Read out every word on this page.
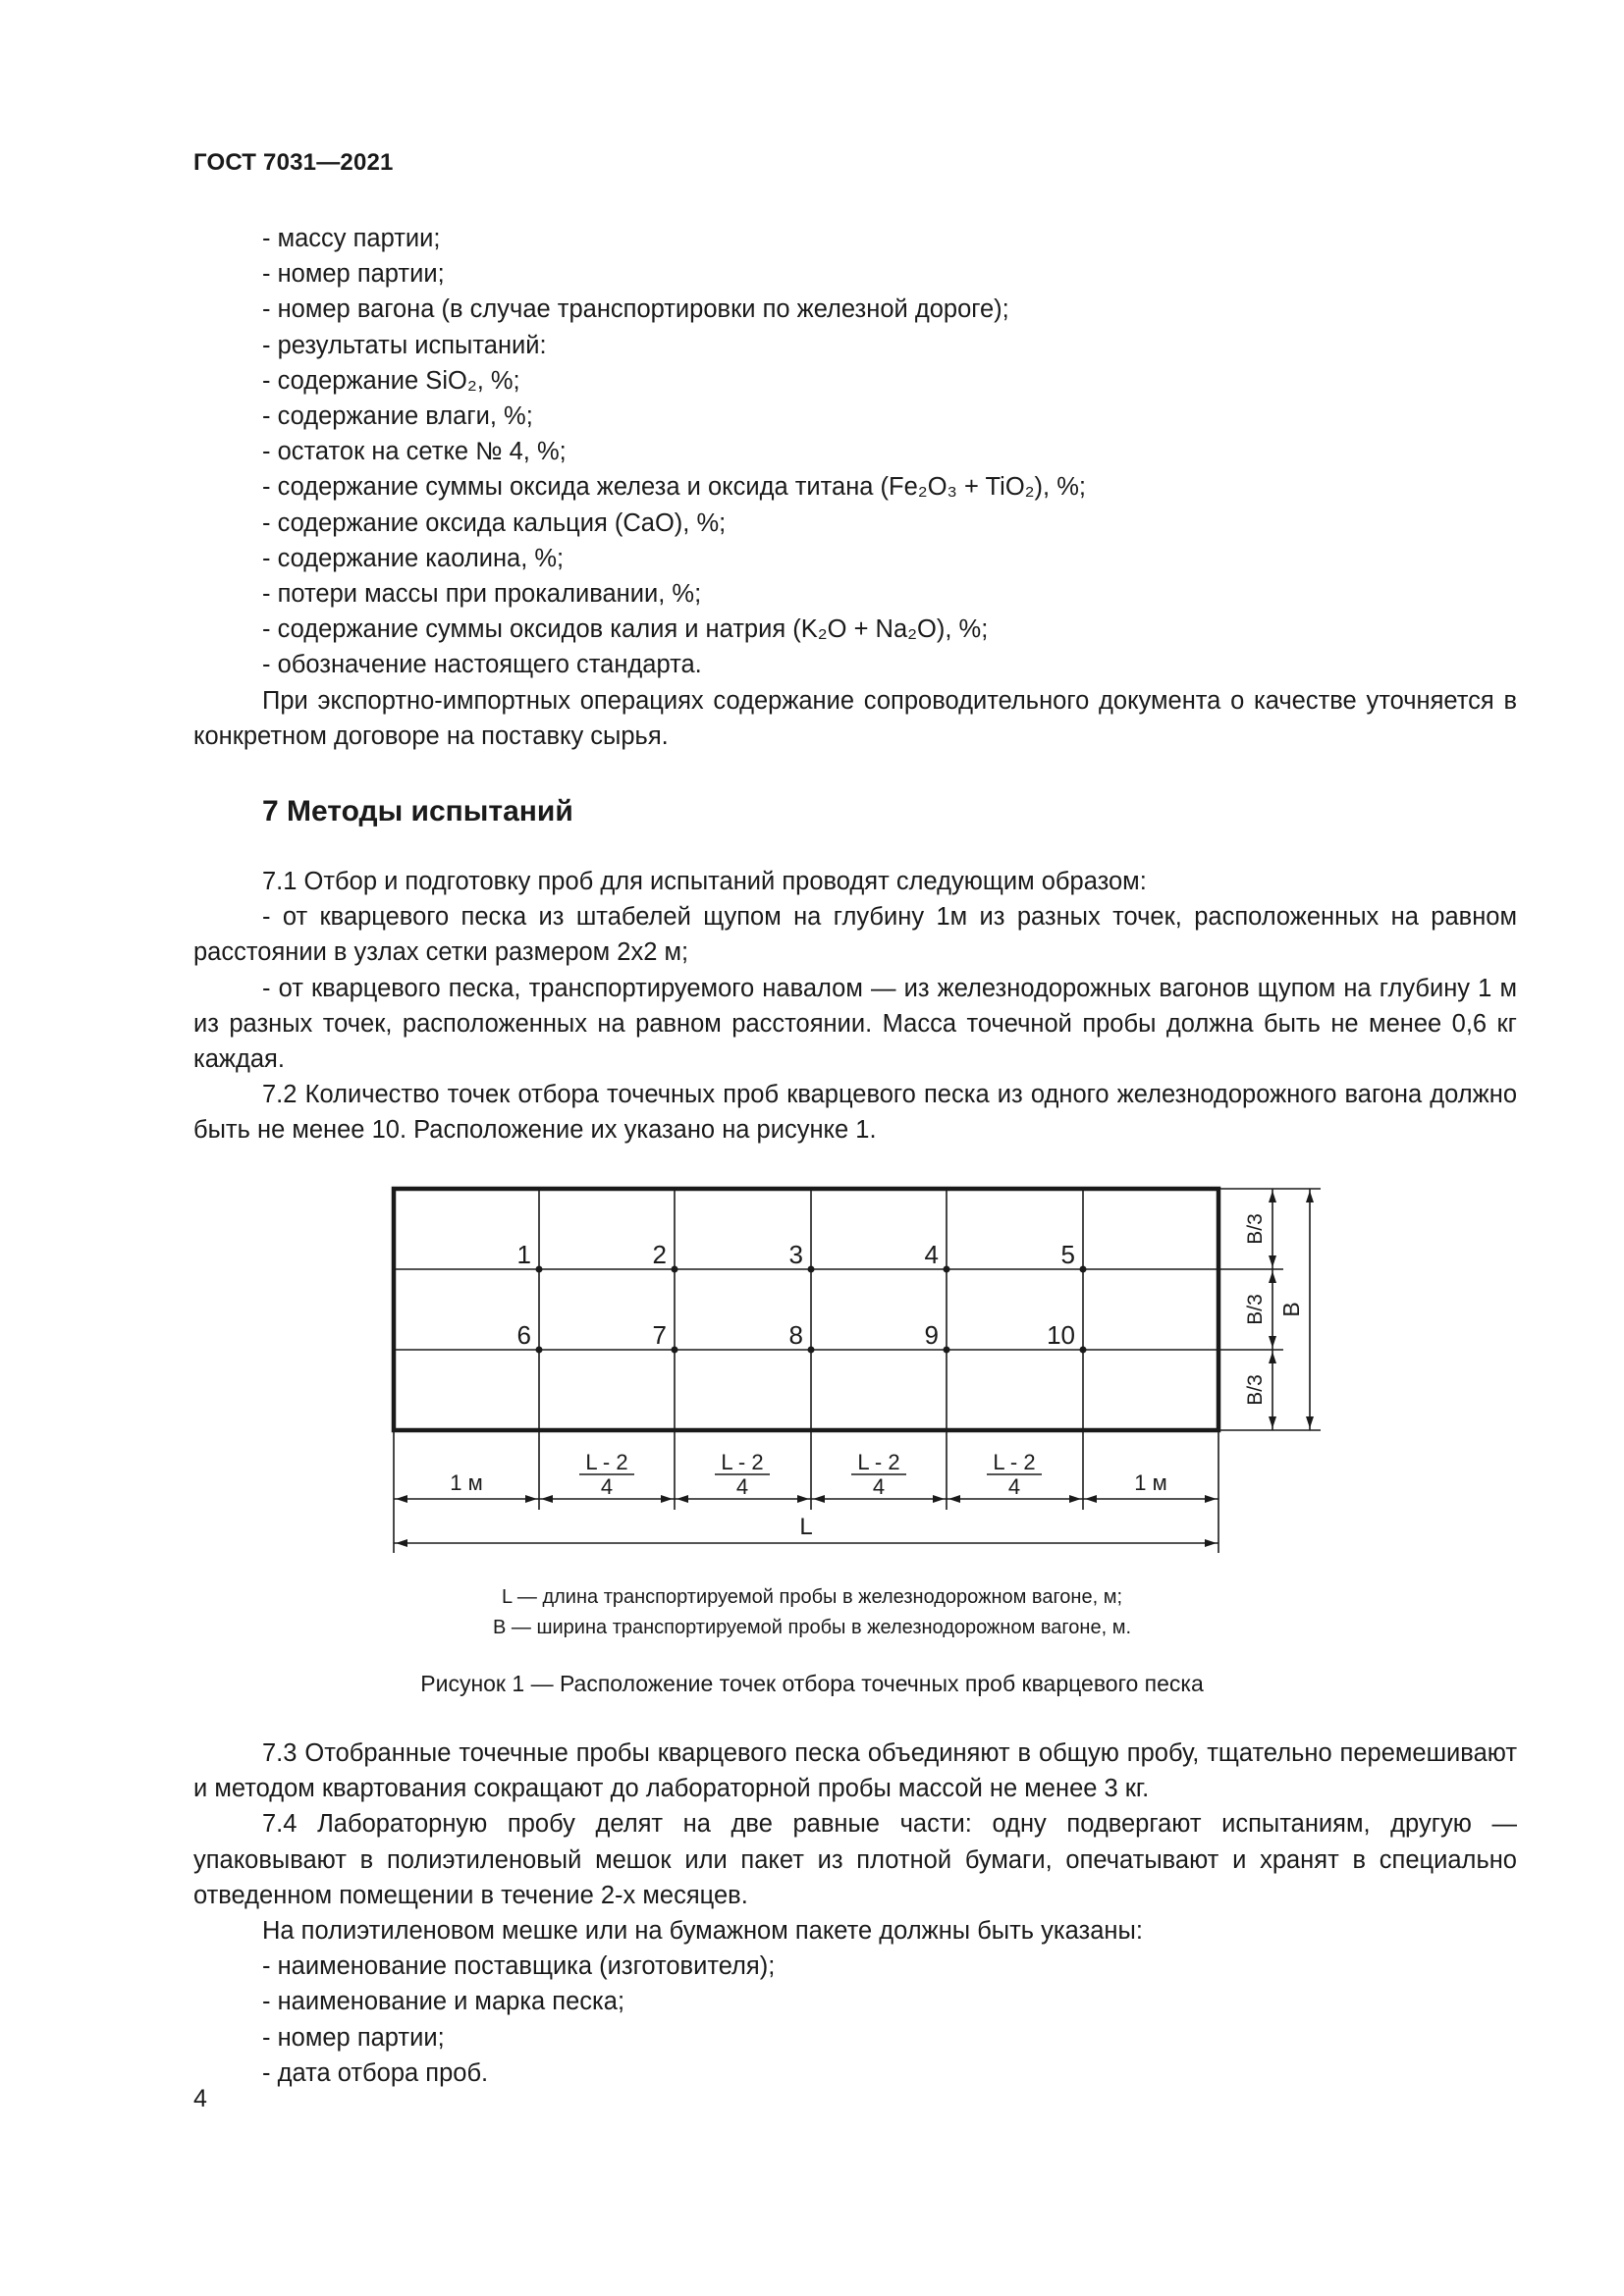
ГОСТ 7031—2021

- массу партии;

- номер партии;

- номер вагона (в случае транспортировки по железной дороге);

- результаты испытаний:

- содержание SiO₂, %;

- содержание влаги, %;

- остаток на сетке № 4, %;

- содержание суммы оксида железа и оксида титана (Fe₂O₃ + TiO₂), %;

- содержание оксида кальция (CaO), %;

- содержание каолина, %;

- потери массы при прокаливании, %;

- содержание суммы оксидов калия и натрия (K₂O + Na₂O), %;

- обозначение настоящего стандарта.

При экспортно-импортных операциях содержание сопроводительного документа о качестве уточняется в конкретном договоре на поставку сырья.

7 Методы испытаний

7.1 Отбор и подготовку проб для испытаний проводят следующим образом:

- от кварцевого песка из штабелей щупом на глубину 1м из разных точек, расположенных на равном расстоянии в узлах сетки размером 2х2 м;

- от кварцевого песка, транспортируемого навалом — из железнодорожных вагонов щупом на глубину 1 м из разных точек, расположенных на равном расстоянии. Масса точечной пробы должна быть не менее 0,6 кг каждая.

7.2 Количество точек отбора точечных проб кварцевого песка из одного железнодорожного вагона должно быть не менее 10. Расположение их указано на рисунке 1.

1	2	3	4	5
6	7	8	9	10
B/3
B/3
B/3
B
1 м	1 м
L - 2
4
L - 2
4
L - 2
4
L - 2
4
L
L — длина транспортируемой пробы в железнодорожном вагоне, м;
В — ширина транспортируемой пробы в железнодорожном вагоне, м.
Рисунок 1 — Расположение точек отбора точечных проб кварцевого песка

7.3 Отобранные точечные пробы кварцевого песка объединяют в общую пробу, тщательно перемешивают и методом квартования сокращают до лабораторной пробы массой не менее 3 кг.

7.4 Лабораторную пробу делят на две равные части: одну подвергают испытаниям, другую — упаковывают в полиэтиленовый мешок или пакет из плотной бумаги, опечатывают и хранят в специально отведенном помещении в течение 2-х месяцев.

На полиэтиленовом мешке или на бумажном пакете должны быть указаны:

- наименование поставщика (изготовителя);

- наименование и марка песка;

- номер партии;

- дата отбора проб.

4
